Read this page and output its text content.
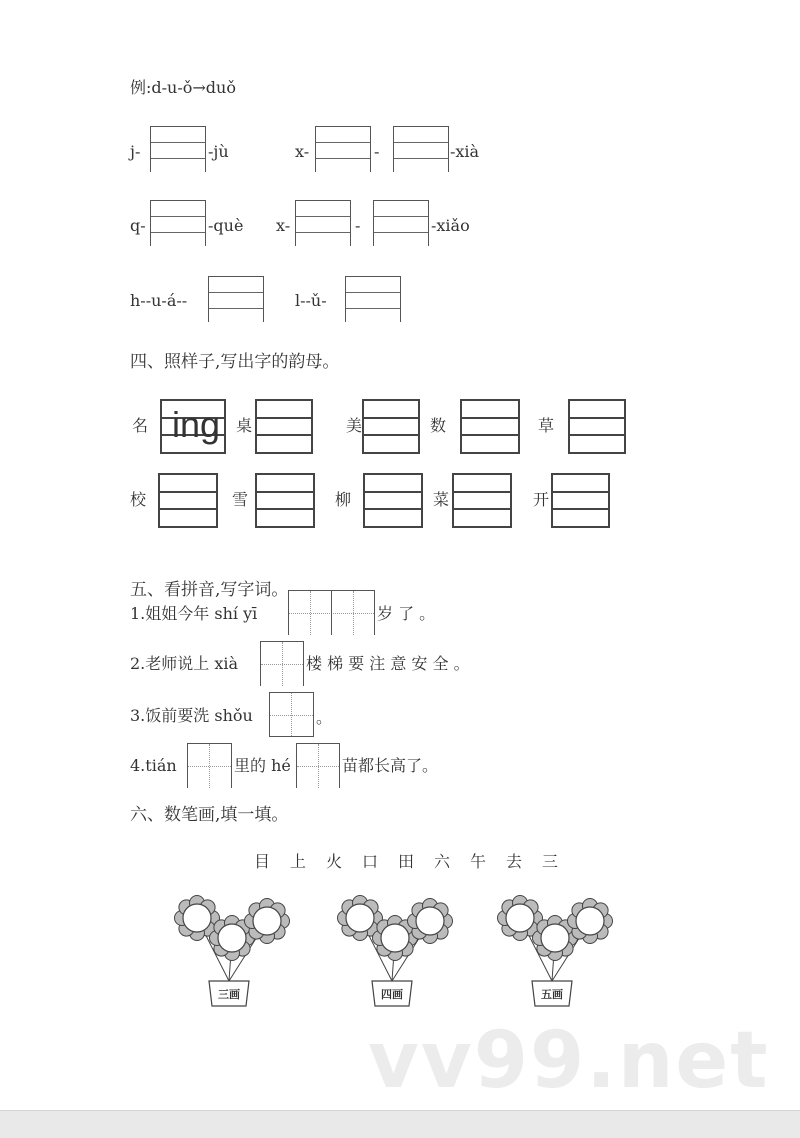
例:d-u-ǒ→duǒ
j-	-jù	x-	-	-xià
q-	-què x-	-	-xiǎo
h--u-á--	l--ǔ-
四、照样子,写出字的韵母。
名 ing 桌	美	数	草
校	雪	柳	菜	开
五、看拼音,写字词。
1.姐姐今年 shí yī	岁 了 。
2.老师说上 xià	楼 梯 要 注 意 安 全 。
3.饭前要洗 shǒu	。
4.tián	里的 hé	苗都长高了。
六、数笔画,填一填。
目 上 火 口 田 六 午 去 三
三画	四画	五画
vv99.net
